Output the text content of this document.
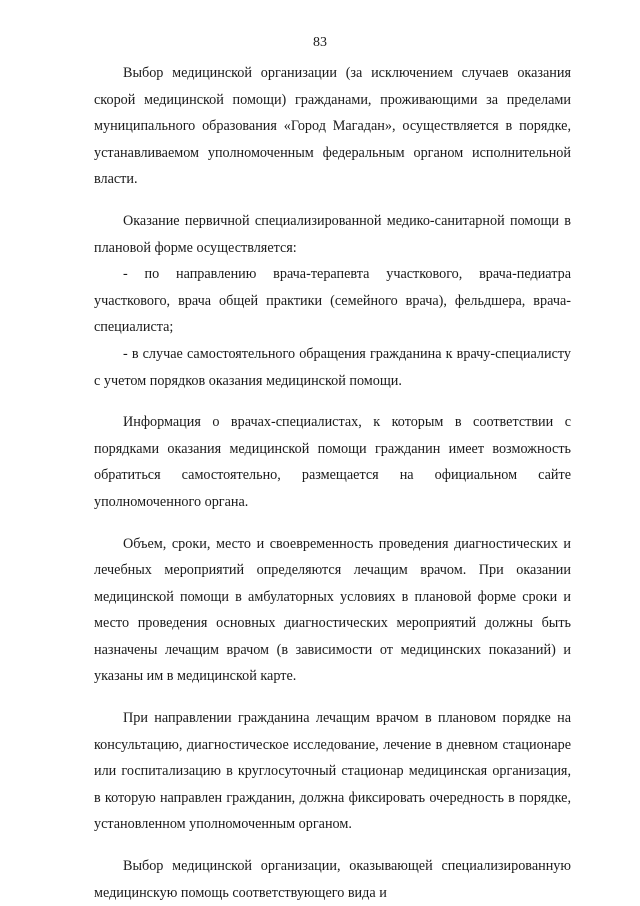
83

Выбор медицинской организации (за исключением случаев оказания скорой медицинской помощи) гражданами, проживающими за пределами муниципального образования «Город Магадан», осуществляется в порядке, устанавливаемом уполномоченным федеральным органом исполнительной власти.

Оказание первичной специализированной медико-санитарной помощи в плановой форме осуществляется:

- по направлению врача-терапевта участкового, врача-педиатра участкового, врача общей практики (семейного врача), фельдшера, врача-специалиста;

- в случае самостоятельного обращения гражданина к врачу-специалисту с учетом порядков оказания медицинской помощи.

Информация о врачах-специалистах, к которым в соответствии с порядками оказания медицинской помощи гражданин имеет возможность обратиться самостоятельно, размещается на официальном сайте уполномоченного органа.

Объем, сроки, место и своевременность проведения диагностических и лечебных мероприятий определяются лечащим врачом. При оказании медицинской помощи в амбулаторных условиях в плановой форме сроки и место проведения основных диагностических мероприятий должны быть назначены лечащим врачом (в зависимости от медицинских показаний) и указаны им в медицинской карте.

При направлении гражданина лечащим врачом в плановом порядке на консультацию, диагностическое исследование, лечение в дневном стационаре или госпитализацию в круглосуточный стационар медицинская организация, в которую направлен гражданин, должна фиксировать очередность в порядке, установленном уполномоченным органом.

Выбор медицинской организации, оказывающей специализированную медицинскую помощь соответствующего вида и
